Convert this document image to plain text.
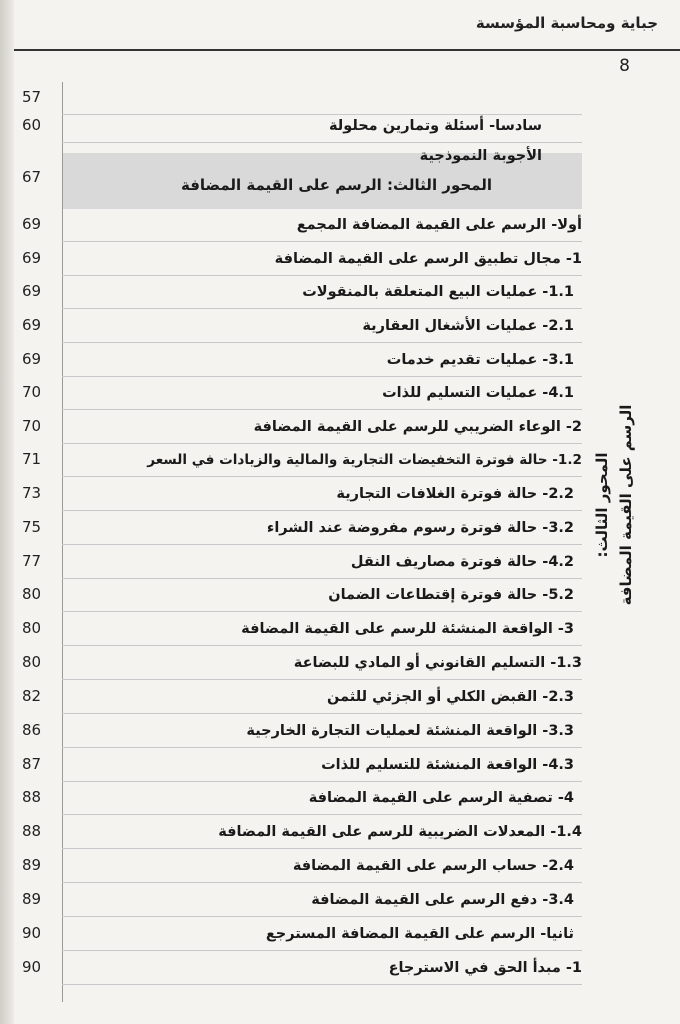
جباية ومحاسبة المؤسسة
8
57
60	سادسا- أسئلة وتمارين محلولة
الأجوبة النموذجية
67	المحور الثالث: الرسم على القيمة المضافة
69	أولا- الرسم على القيمة المضافة المجمع
69	1- مجال تطبيق الرسم على القيمة المضافة
69	1.1- عمليات البيع المتعلقة بالمنقولات
69	2.1- عمليات الأشغال العقارية
69	3.1- عمليات تقديم خدمات
70	4.1- عمليات التسليم للذات
70	2- الوعاء الضريبي للرسم على القيمة المضافة
71	1.2- حالة فوترة التخفيضات التجارية والمالية والزيادات في السعر
73	2.2- حالة فوترة الغلافات التجارية
75	3.2- حالة فوترة رسوم مفروضة عند الشراء
77	4.2- حالة فوترة مصاريف النقل
80	5.2- حالة فوترة إقتطاعات الضمان
80	3- الواقعة المنشئة للرسم على القيمة المضافة
80	1.3- التسليم القانوني أو المادي للبضاعة
82	2.3- القبض الكلي أو الجزئي للثمن
86	3.3- الواقعة المنشئة لعمليات التجارة الخارجية
87	4.3- الواقعة المنشئة للتسليم للذات
88	4- تصفية الرسم على القيمة المضافة
88	1.4- المعدلات الضريبية للرسم على القيمة المضافة
89	2.4- حساب الرسم على القيمة المضافة
89	3.4- دفع الرسم على القيمة المضافة
90	ثانيا- الرسم على القيمة المضافة المسترجع
90	1- مبدأ الحق في الاسترجاع
المحور الثالث: الرسم على القيمة المضافة
